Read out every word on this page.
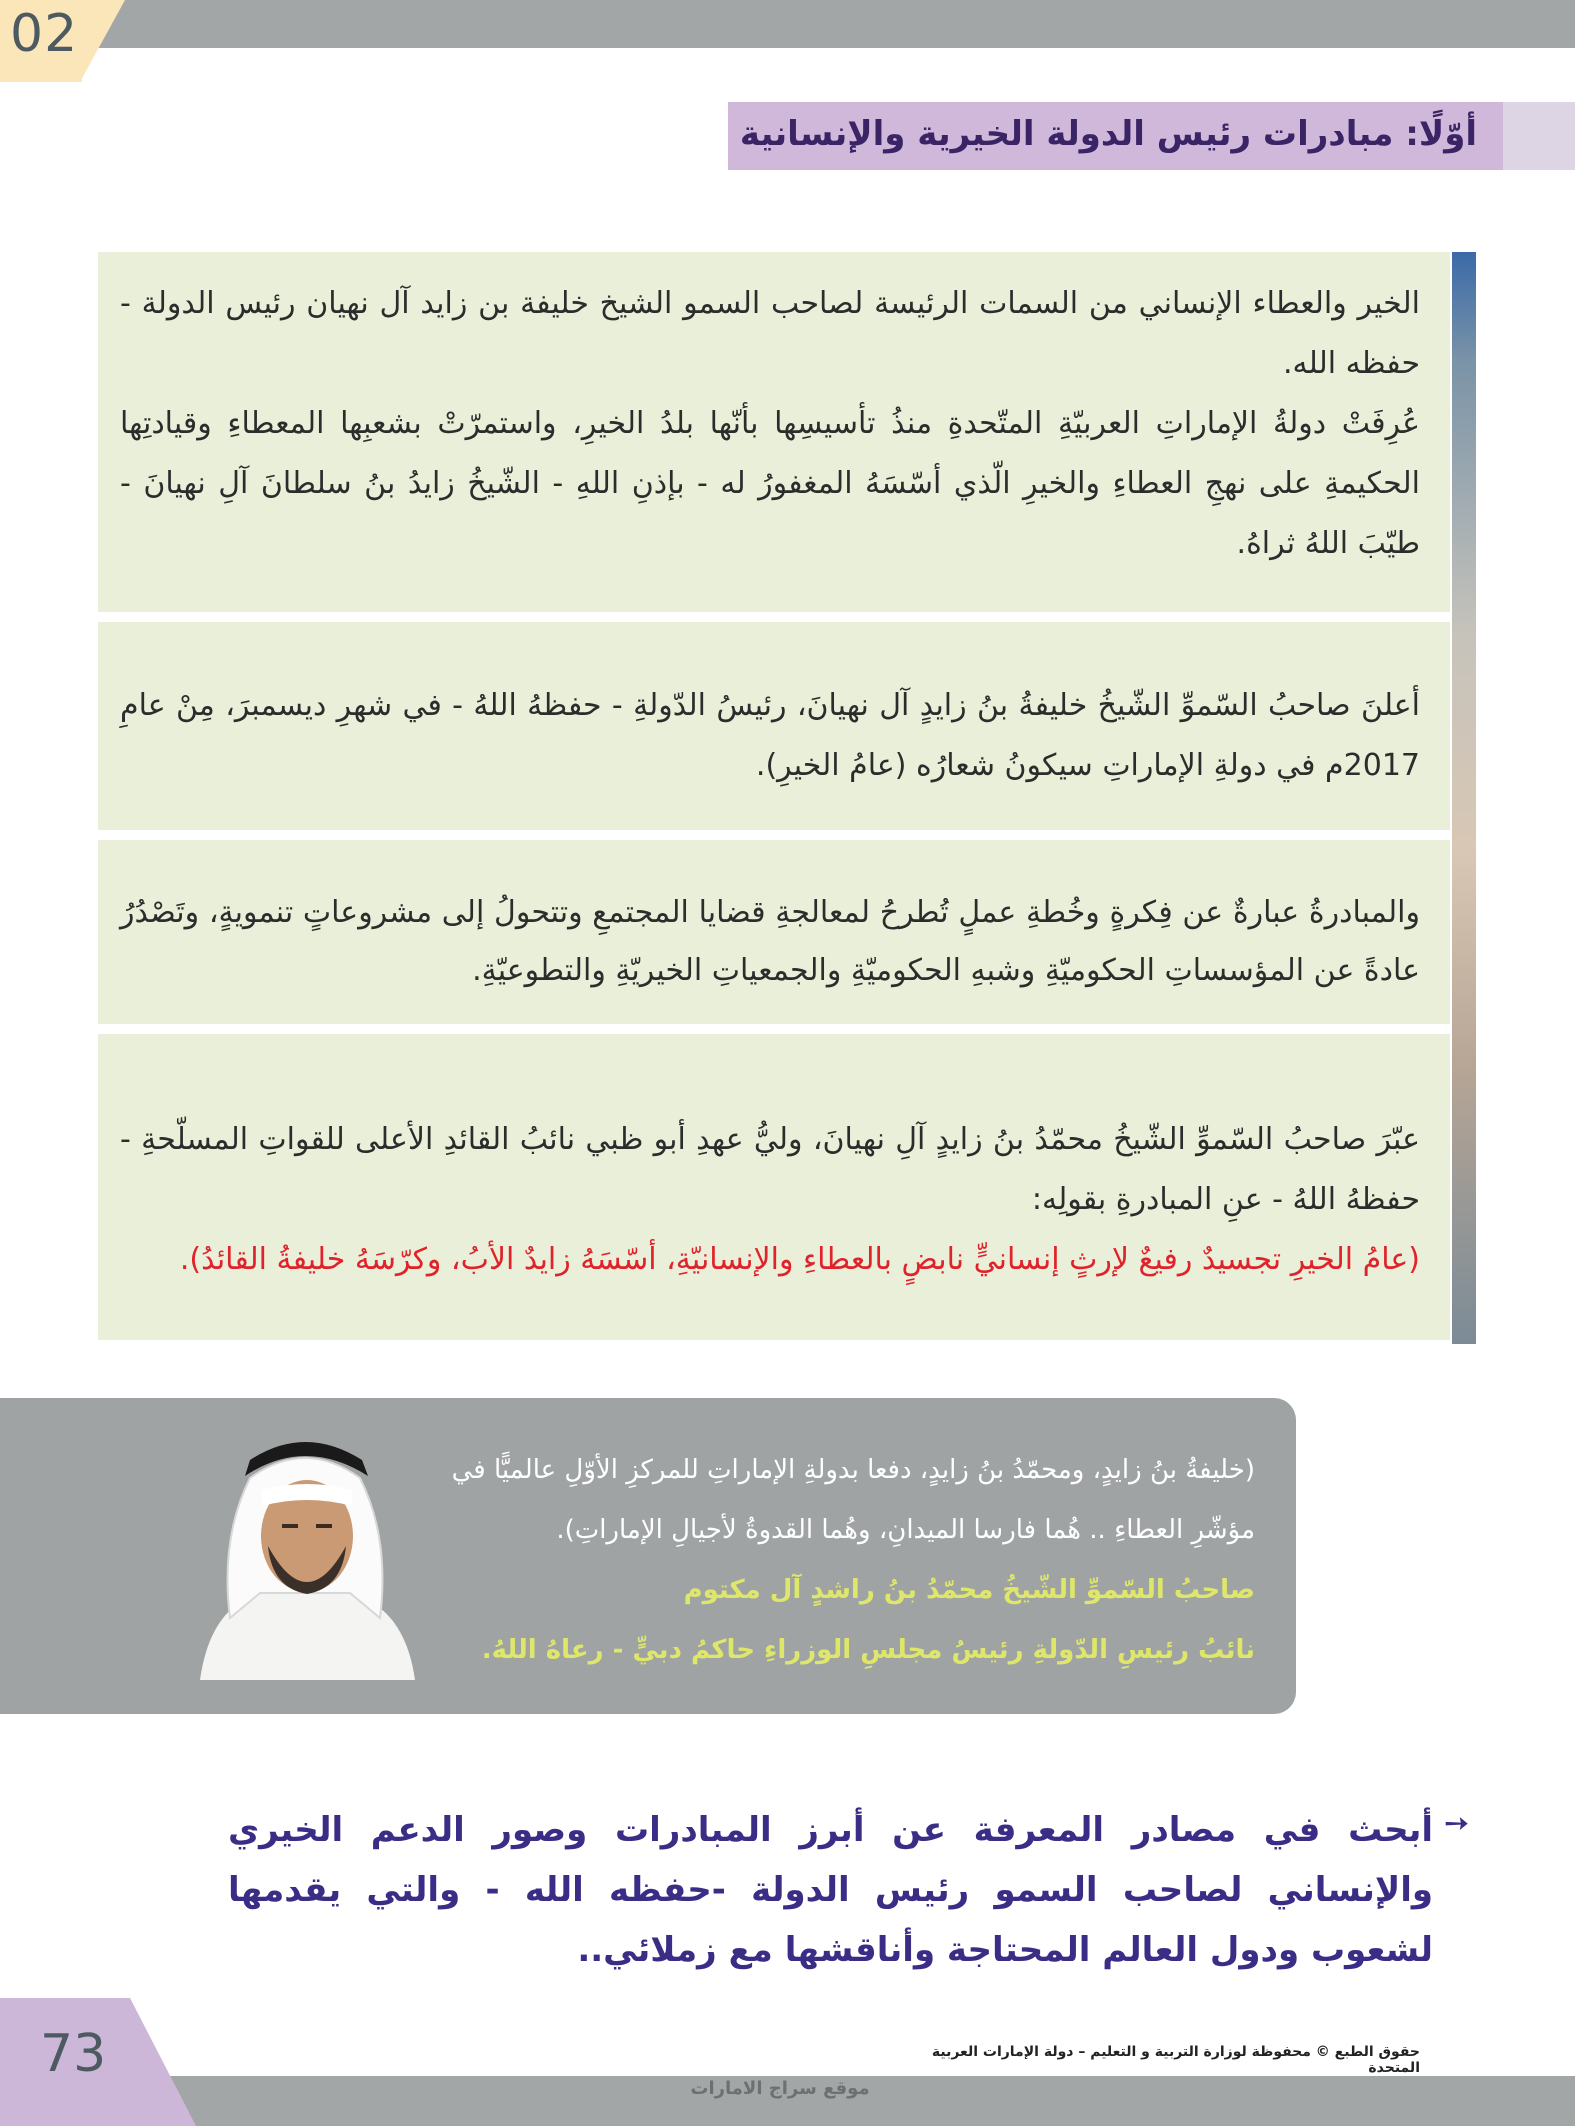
02
أوّلًا: مبادرات رئيس الدولة الخيرية والإنسانية

الخير والعطاء الإنساني من السمات الرئيسة لصاحب السمو الشيخ خليفة بن زايد آل نهيان رئيس الدولة - حفظه الله.

عُرِفَتْ دولةُ الإماراتِ العربيّةِ المتّحدةِ منذُ تأسيسِها بأنّها بلدُ الخيرِ، واستمرّتْ بشعبِها المعطاءِ وقيادتِها الحكيمةِ على نهجِ العطاءِ والخيرِ الّذي أسّسَهُ المغفورُ له - بإذنِ اللهِ - الشّيخُ زايدُ بنُ سلطانَ آلِ نهيانَ - طيّبَ اللهُ ثراهُ.

أعلنَ صاحبُ السّموِّ الشّيخُ خليفةُ بنُ زايدٍ آل نهيانَ، رئيسُ الدّولةِ - حفظهُ اللهُ - في شهرِ ديسمبرَ، مِنْ عامِ 2017م في دولةِ الإماراتِ سيكونُ شعارُه (عامُ الخيرِ).

والمبادرةُ عبارةٌ عن فِكرةٍ وخُطةِ عملٍ تُطرحُ لمعالجةِ قضايا المجتمعِ وتتحولُ إلى مشروعاتٍ تنمويةٍ، وتَصْدُرُ عادةً عن المؤسساتِ الحكوميّةِ وشبهِ الحكوميّةِ والجمعياتِ الخيريّةِ والتطوعيّةِ.

عبّرَ صاحبُ السّموِّ الشّيخُ محمّدُ بنُ زايدٍ آلِ نهيانَ، وليُّ عهدِ أبو ظبي نائبُ القائدِ الأعلى للقواتِ المسلّحةِ - حفظهُ اللهُ - عنِ المبادرةِ بقولِه:

(عامُ الخيرِ تجسيدٌ رفيعٌ لإرثٍ إنسانيٍّ نابضٍ بالعطاءِ والإنسانيّةِ، أسّسَهُ زايدٌ الأبُ، وكرّسَهُ خليفةُ القائدُ).

(خليفةُ بنُ زايدٍ، ومحمّدُ بنُ زايدٍ، دفعا بدولةِ الإماراتِ للمركزِ الأوّلِ عالميًّا في مؤشّرِ العطاءِ .. هُما فارسا الميدانِ، وهُما القدوةُ لأجيالِ الإماراتِ).
صاحبُ السّموِّ الشّيخُ محمّدُ بنُ راشدٍ آل مكتوم
نائبُ رئيسِ الدّولةِ رئيسُ مجلسِ الوزراءِ حاكمُ دبيٍّ - رعاهُ اللهُ.
➙
أبحث في مصادر المعرفة عن أبرز المبادرات وصور الدعم الخيري والإنساني لصاحب السمو رئيس الدولة -حفظه الله - والتي يقدمها لشعوب ودول العالم المحتاجة وأناقشها مع زملائي..
موقع سراج الامارات
73	حقوق الطبع © محفوظة لوزارة التربية و التعليم – دولة الإمارات العربية المتحدة
